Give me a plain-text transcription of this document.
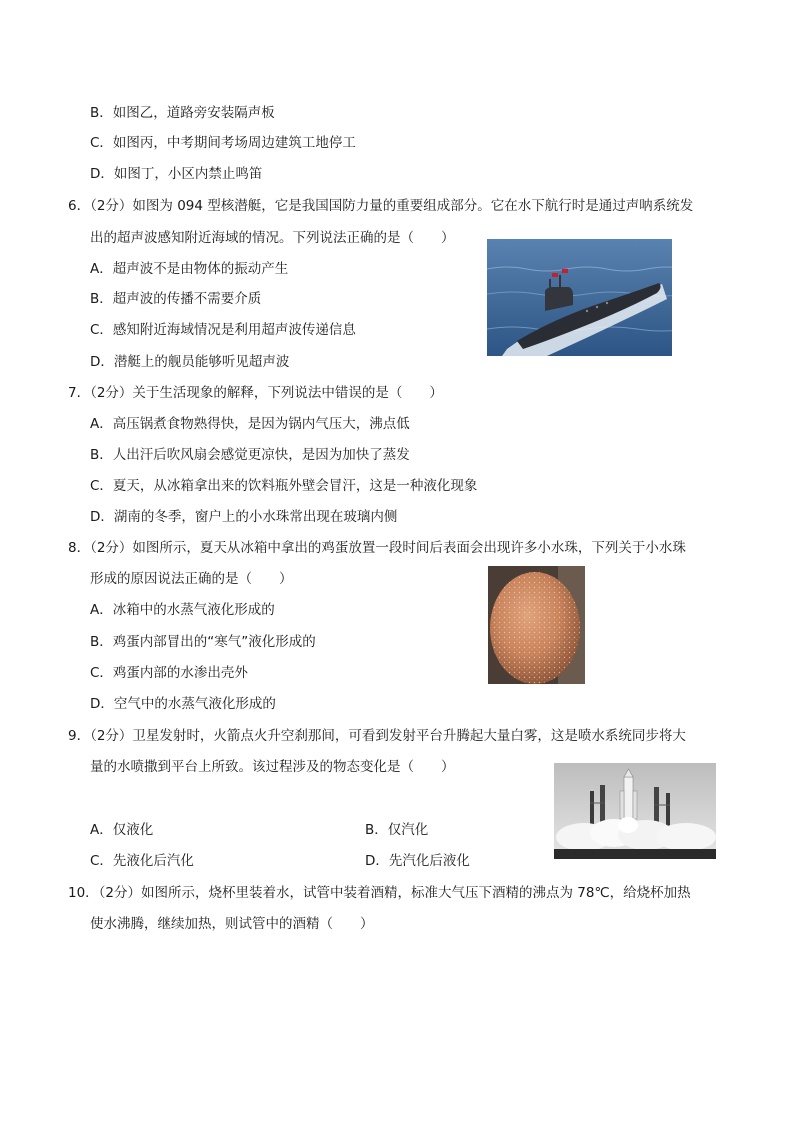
B．如图乙，道路旁安装隔声板
C．如图丙，中考期间考场周边建筑工地停工
D．如图丁，小区内禁止鸣笛
6．（2分）如图为 094 型核潜艇，它是我国国防力量的重要组成部分。它在水下航行时是通过声呐系统发
出的超声波感知附近海域的情况。下列说法正确的是（　　）
A．超声波不是由物体的振动产生
B．超声波的传播不需要介质
C．感知附近海域情况是利用超声波传递信息
D．潜艇上的舰员能够听见超声波
7．（2分）关于生活现象的解释，下列说法中错误的是（　　）
A．高压锅煮食物熟得快，是因为锅内气压大，沸点低
B．人出汗后吹风扇会感觉更凉快，是因为加快了蒸发
C．夏天，从冰箱拿出来的饮料瓶外壁会冒汗，这是一种液化现象
D．湖南的冬季，窗户上的小水珠常出现在玻璃内侧
8．（2分）如图所示，夏天从冰箱中拿出的鸡蛋放置一段时间后表面会出现许多小水珠，下列关于小水珠
形成的原因说法正确的是（　　）
A．冰箱中的水蒸气液化形成的
B．鸡蛋内部冒出的“寒气”液化形成的
C．鸡蛋内部的水渗出壳外
D．空气中的水蒸气液化形成的
9．（2分）卫星发射时，火箭点火升空刹那间，可看到发射平台升腾起大量白雾，这是喷水系统同步将大
量的水喷撒到平台上所致。该过程涉及的物态变化是（　　）
A．仅液化	B．仅汽化
C．先液化后汽化	D．先汽化后液化
10．（2分）如图所示，烧杯里装着水，试管中装着酒精，标准大气压下酒精的沸点为 78℃，给烧杯加热
使水沸腾，继续加热，则试管中的酒精（　　）
